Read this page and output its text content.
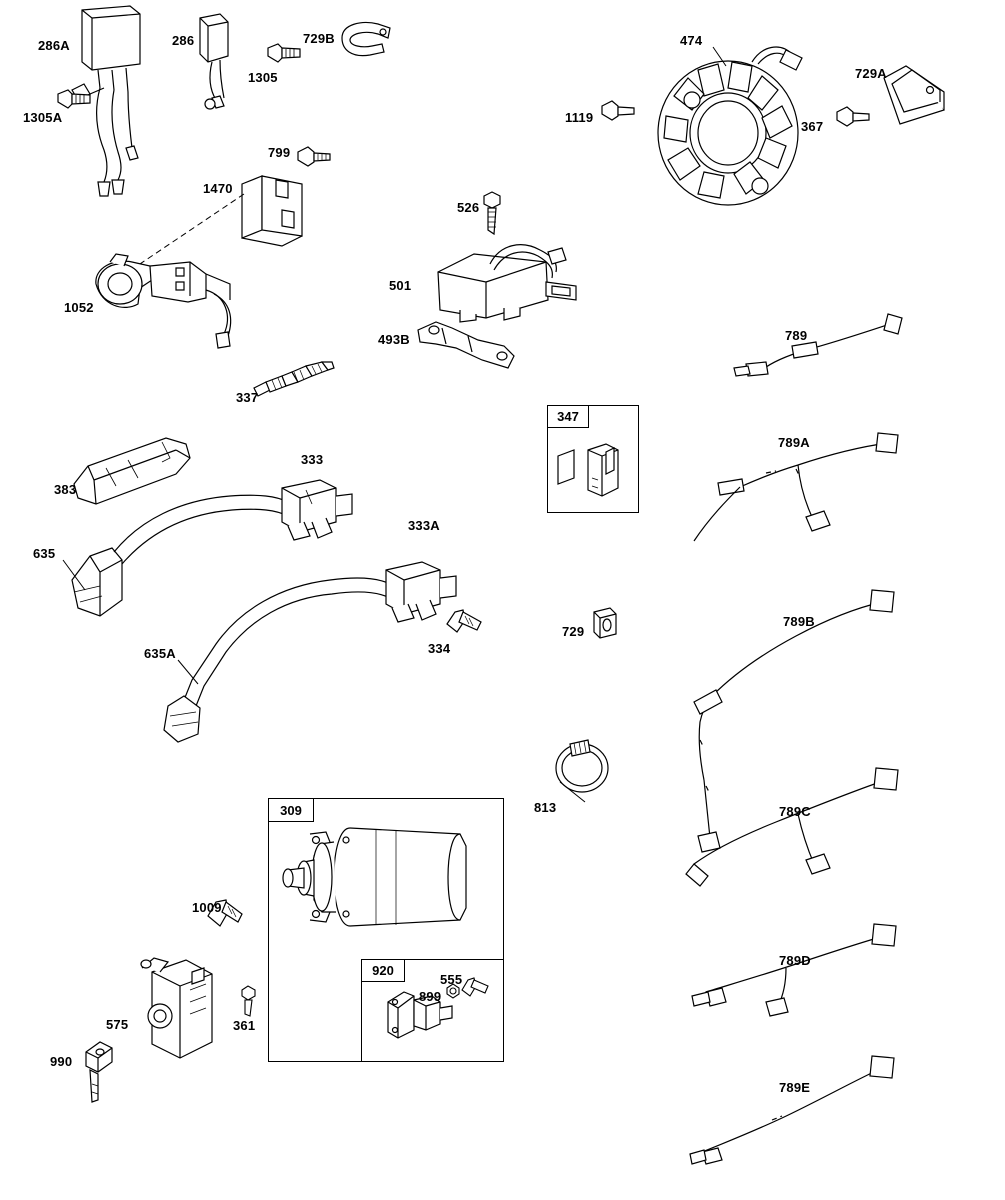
309
920
347
286A	286	729B
1305
1305A
474
729A
1119
367
799
1470
526
501
1052
493B	789
337
789A
333
383
333A
635
789B
729
334
635A
789C
813
1009
789D
555
899
361
575
990
789E
